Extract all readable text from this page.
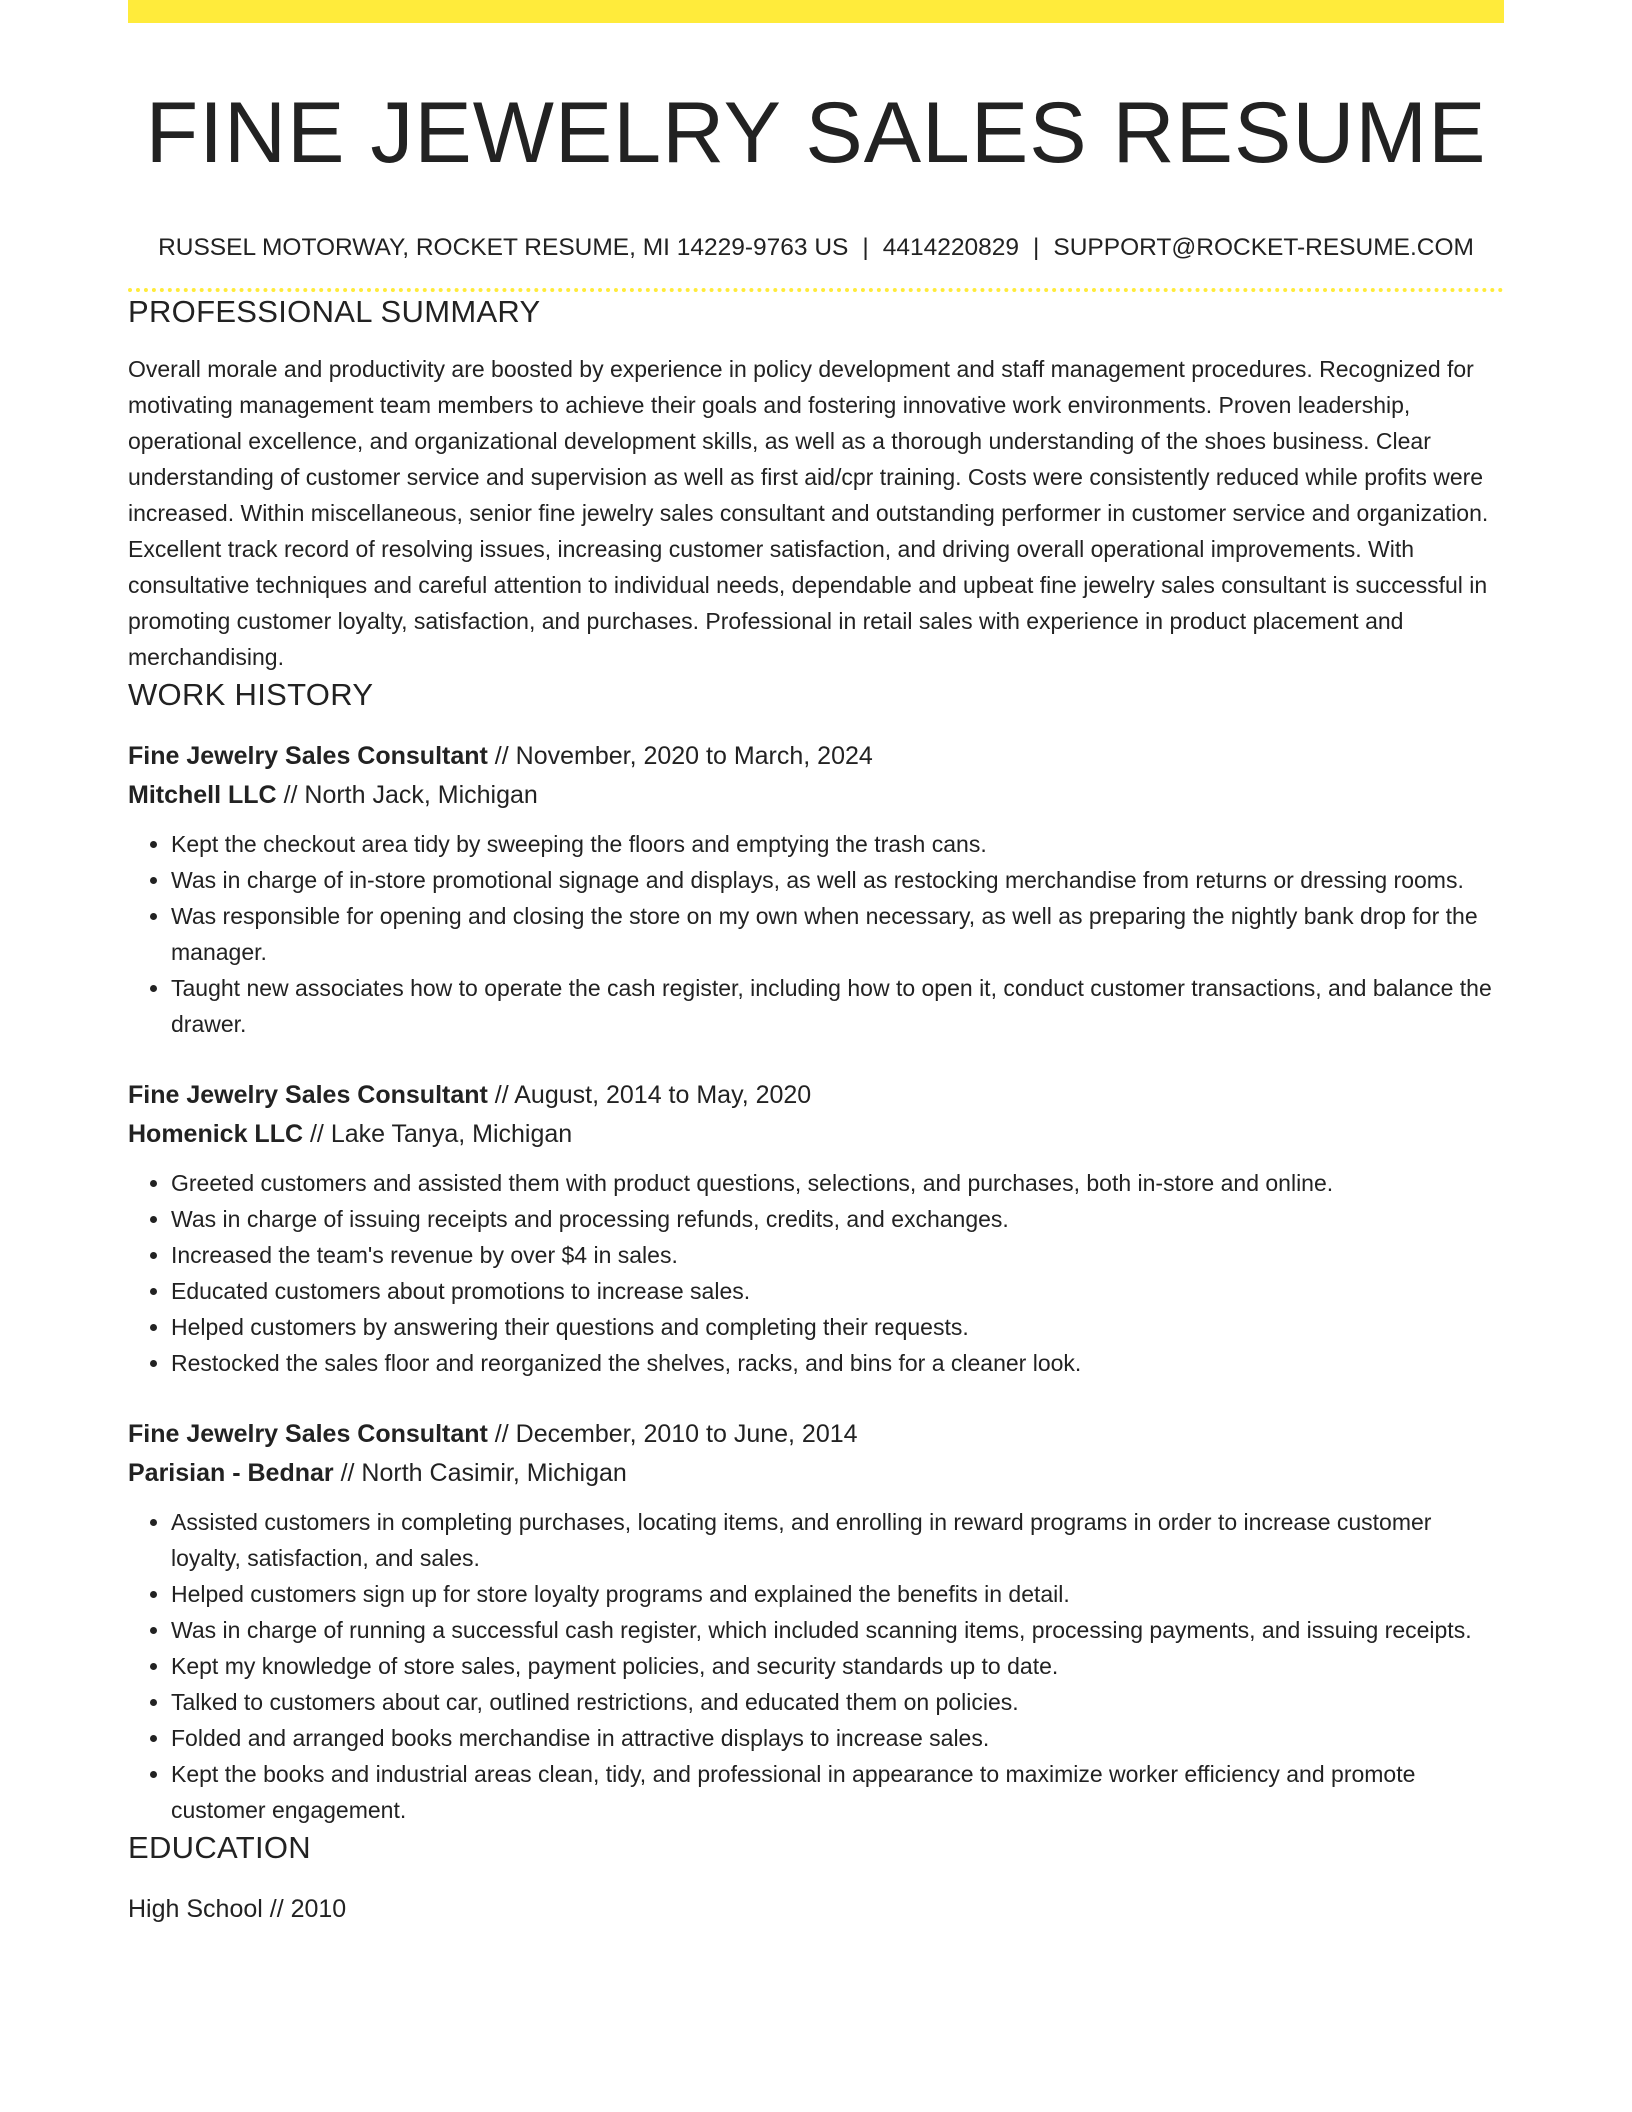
FINE JEWELRY SALES RESUME
RUSSEL MOTORWAY, ROCKET RESUME, MI 14229-9763 US | 4414220829 | SUPPORT@ROCKET-RESUME.COM
PROFESSIONAL SUMMARY

Overall morale and productivity are boosted by experience in policy development and staff management procedures. Recognized for motivating management team members to achieve their goals and fostering innovative work environments. Proven leadership, operational excellence, and organizational development skills, as well as a thorough understanding of the shoes business. Clear understanding of customer service and supervision as well as first aid/cpr training. Costs were consistently reduced while profits were increased. Within miscellaneous, senior fine jewelry sales consultant and outstanding performer in customer service and organization. Excellent track record of resolving issues, increasing customer satisfaction, and driving overall operational improvements. With consultative techniques and careful attention to individual needs, dependable and upbeat fine jewelry sales consultant is successful in promoting customer loyalty, satisfaction, and purchases. Professional in retail sales with experience in product placement and merchandising.

WORK HISTORY
Fine Jewelry Sales Consultant // November, 2020 to March, 2024
Mitchell LLC // North Jack, Michigan
• Kept the checkout area tidy by sweeping the floors and emptying the trash cans.
• Was in charge of in-store promotional signage and displays, as well as restocking merchandise from returns or dressing rooms.
• Was responsible for opening and closing the store on my own when necessary, as well as preparing the nightly bank drop for the manager.
• Taught new associates how to operate the cash register, including how to open it, conduct customer transactions, and balance the drawer.
Fine Jewelry Sales Consultant // August, 2014 to May, 2020
Homenick LLC // Lake Tanya, Michigan
• Greeted customers and assisted them with product questions, selections, and purchases, both in-store and online.
• Was in charge of issuing receipts and processing refunds, credits, and exchanges.
• Increased the team's revenue by over $4 in sales.
• Educated customers about promotions to increase sales.
• Helped customers by answering their questions and completing their requests.
• Restocked the sales floor and reorganized the shelves, racks, and bins for a cleaner look.
Fine Jewelry Sales Consultant // December, 2010 to June, 2014
Parisian - Bednar // North Casimir, Michigan
• Assisted customers in completing purchases, locating items, and enrolling in reward programs in order to increase customer loyalty, satisfaction, and sales.
• Helped customers sign up for store loyalty programs and explained the benefits in detail.
• Was in charge of running a successful cash register, which included scanning items, processing payments, and issuing receipts.
• Kept my knowledge of store sales, payment policies, and security standards up to date.
• Talked to customers about car, outlined restrictions, and educated them on policies.
• Folded and arranged books merchandise in attractive displays to increase sales.
• Kept the books and industrial areas clean, tidy, and professional in appearance to maximize worker efficiency and promote customer engagement.
EDUCATION
High School // 2010
